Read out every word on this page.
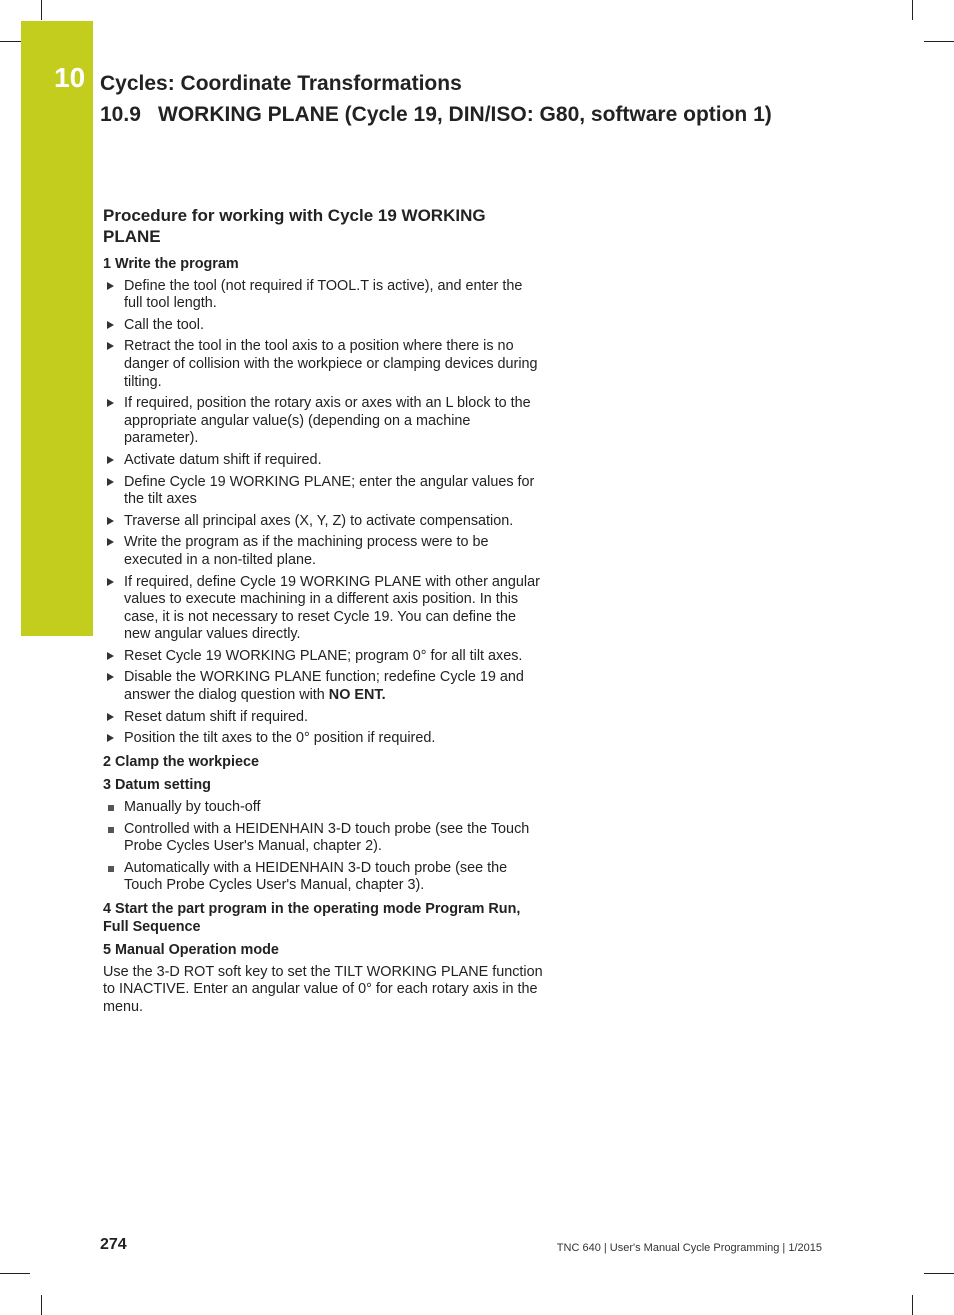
10 Cycles: Coordinate Transformations
10.9 WORKING PLANE (Cycle 19, DIN/ISO: G80, software option 1)
Procedure for working with Cycle 19 WORKING PLANE
1 Write the program
Define the tool (not required if TOOL.T is active), and enter the full tool length.
Call the tool.
Retract the tool in the tool axis to a position where there is no danger of collision with the workpiece or clamping devices during tilting.
If required, position the rotary axis or axes with an L block to the appropriate angular value(s) (depending on a machine parameter).
Activate datum shift if required.
Define Cycle 19 WORKING PLANE; enter the angular values for the tilt axes
Traverse all principal axes (X, Y, Z) to activate compensation.
Write the program as if the machining process were to be executed in a non-tilted plane.
If required, define Cycle 19 WORKING PLANE with other angular values to execute machining in a different axis position. In this case, it is not necessary to reset Cycle 19. You can define the new angular values directly.
Reset Cycle 19 WORKING PLANE; program 0° for all tilt axes.
Disable the WORKING PLANE function; redefine Cycle 19 and answer the dialog question with NO ENT.
Reset datum shift if required.
Position the tilt axes to the 0° position if required.
2 Clamp the workpiece
3 Datum setting
Manually by touch-off
Controlled with a HEIDENHAIN 3-D touch probe (see the Touch Probe Cycles User's Manual, chapter 2).
Automatically with a HEIDENHAIN 3-D touch probe (see the Touch Probe Cycles User's Manual, chapter 3).
4 Start the part program in the operating mode Program Run, Full Sequence
5 Manual Operation mode
Use the 3-D ROT soft key to set the TILT WORKING PLANE function to INACTIVE. Enter an angular value of 0° for each rotary axis in the menu.
274	TNC 640 | User's Manual Cycle Programming | 1/2015
